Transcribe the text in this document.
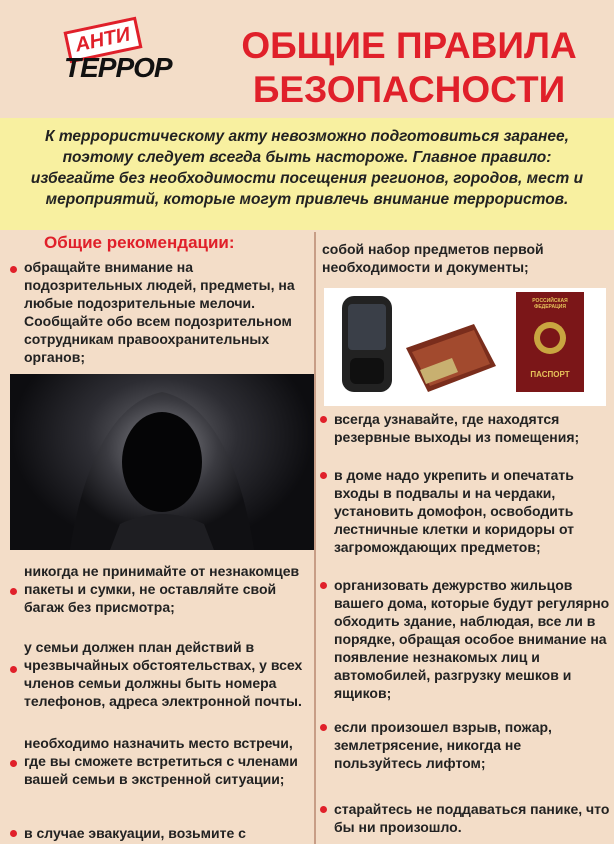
АНТИ
ТЕРРОР
ОБЩИЕ ПРАВИЛА
БЕЗОПАСНОСТИ
К террористическому акту невозможно подготовиться заранее, поэтому следует всегда быть настороже. Главное правило: избегайте без необходимости посещения регионов, городов, мест и мероприятий, которые могут привлечь внимание террористов.
Общие рекомендации:
обращайте внимание на подозрительных людей, предметы, на любые подозрительные мелочи. Сообщайте обо всем подозрительном сотрудникам правоохранительных органов;
никогда не принимайте от незнакомцев пакеты и сумки, не оставляйте свой багаж без присмотра;
у семьи должен план действий в чрезвычайных обстоятельствах, у всех членов семьи должны быть номера телефонов, адреса электронной почты.
необходимо назначить место встречи, где вы сможете встретиться с членами вашей семьи в экстренной ситуации;
в случае эвакуации, возьмите с
собой набор предметов первой необходимости и документы;
РОССИЙСКАЯ ФЕДЕРАЦИЯ
ПАСПОРТ
всегда узнавайте, где находятся резервные выходы из помещения;
в доме надо укрепить и опечатать входы в подвалы и на чердаки, установить домофон, освободить лестничные клетки и коридоры от загромождающих предметов;
организовать дежурство жильцов вашего дома, которые будут регулярно обходить здание, наблюдая, все ли в порядке, обращая особое внимание на появление незнакомых лиц и автомобилей, разгрузку мешков и ящиков;
если произошел взрыв, пожар, землетрясение, никогда не пользуйтесь лифтом;
старайтесь не поддаваться панике, что бы ни произошло.
